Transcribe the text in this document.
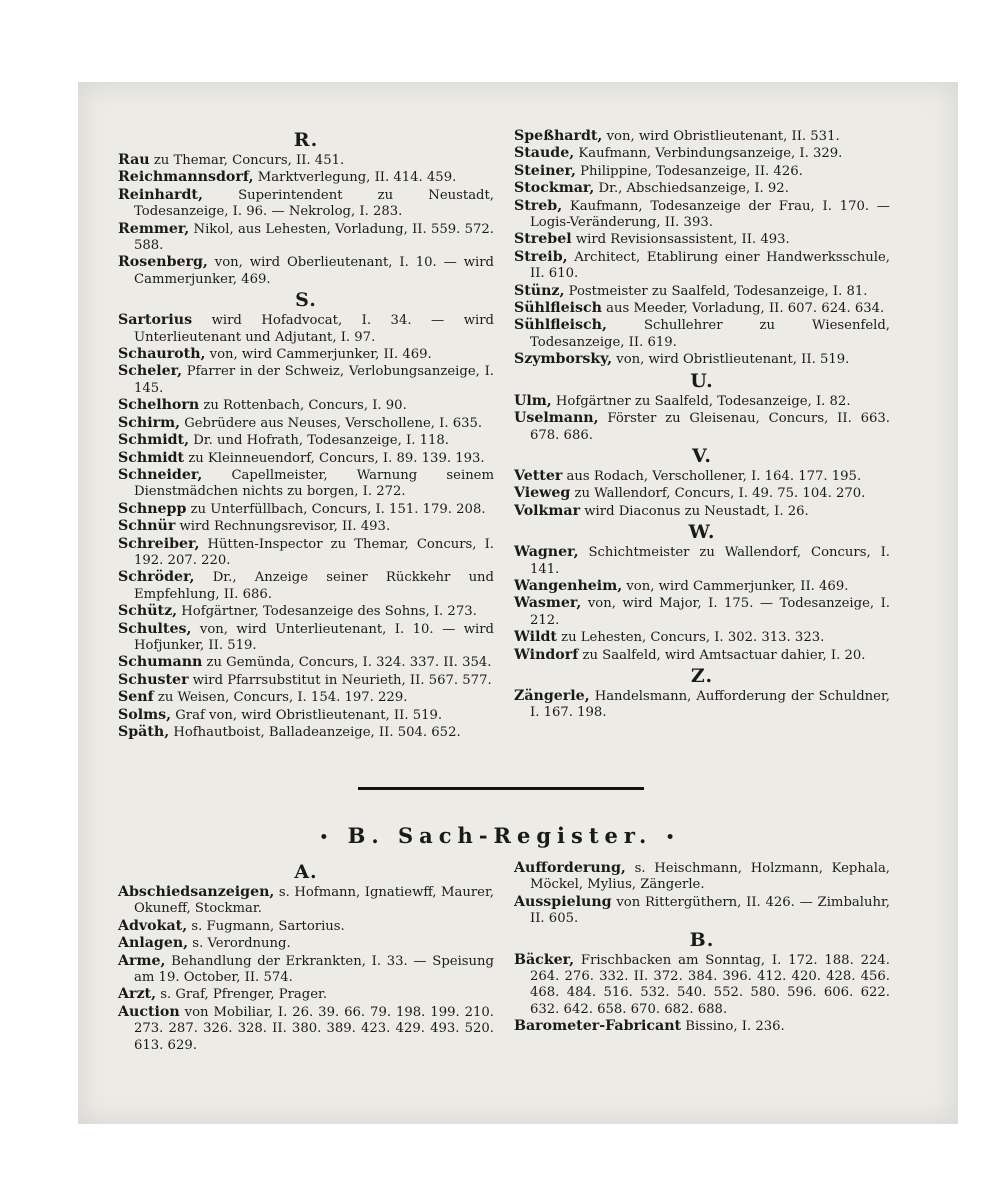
R.
Rau zu Themar, Concurs, II. 451.
Reichmannsdorf, Marktverlegung, II. 414. 459.
Reinhardt, Superintendent zu Neustadt, Todesanzeige, I. 96. — Nekrolog, I. 283.
Remmer, Nikol, aus Lehesten, Vorladung, II. 559. 572. 588.
Rosenberg, von, wird Oberlieutenant, I. 10. — wird Cammerjunker, 469.
S.
Sartorius wird Hofadvocat, I. 34. — wird Unterlieutenant und Adjutant, I. 97.
Schauroth, von, wird Cammerjunker, II. 469.
Scheler, Pfarrer in der Schweiz, Verlobungsanzeige, I. 145.
Schelhorn zu Rottenbach, Concurs, I. 90.
Schirm, Gebrüdere aus Neuses, Verschollene, I. 635.
Schmidt, Dr. und Hofrath, Todesanzeige, I. 118.
Schmidt zu Kleinneuendorf, Concurs, I. 89. 139. 193.
Schneider, Capellmeister, Warnung seinem Dienstmädchen nichts zu borgen, I. 272.
Schnepp zu Unterfüllbach, Concurs, I. 151. 179. 208.
Schnür wird Rechnungsrevisor, II. 493.
Schreiber, Hütten-Inspector zu Themar, Concurs, I. 192. 207. 220.
Schröder, Dr., Anzeige seiner Rückkehr und Empfehlung, II. 686.
Schütz, Hofgärtner, Todesanzeige des Sohns, I. 273.
Schultes, von, wird Unterlieutenant, I. 10. — wird Hofjunker, II. 519.
Schumann zu Gemünda, Concurs, I. 324. 337. II. 354.
Schuster wird Pfarrsubstitut in Neurieth, II. 567. 577.
Senf zu Weisen, Concurs, I. 154. 197. 229.
Solms, Graf von, wird Obristlieutenant, II. 519.
Späth, Hofhautboist, Balladeanzeige, II. 504. 652.
Speßhardt, von, wird Obristlieutenant, II. 531.
Staude, Kaufmann, Verbindungsanzeige, I. 329.
Steiner, Philippine, Todesanzeige, II. 426.
Stockmar, Dr., Abschiedsanzeige, I. 92.
Streb, Kaufmann, Todesanzeige der Frau, I. 170. — Logis-Veränderung, II. 393.
Strebel wird Revisionsassistent, II. 493.
Streib, Architect, Etablirung einer Handwerksschule, II. 610.
Stünz, Postmeister zu Saalfeld, Todesanzeige, I. 81.
Sühlfleisch aus Meeder, Vorladung, II. 607. 624. 634.
Sühlfleisch, Schullehrer zu Wiesenfeld, Todesanzeige, II. 619.
Szymborsky, von, wird Obristlieutenant, II. 519.
U.
Ulm, Hofgärtner zu Saalfeld, Todesanzeige, I. 82.
Uselmann, Förster zu Gleisenau, Concurs, II. 663. 678. 686.
V.
Vetter aus Rodach, Verschollener, I. 164. 177. 195.
Vieweg zu Wallendorf, Concurs, I. 49. 75. 104. 270.
Volkmar wird Diaconus zu Neustadt, I. 26.
W.
Wagner, Schichtmeister zu Wallendorf, Concurs, I. 141.
Wangenheim, von, wird Cammerjunker, II. 469.
Wasmer, von, wird Major, I. 175. — Todesanzeige, I. 212.
Wildt zu Lehesten, Concurs, I. 302. 313. 323.
Windorf zu Saalfeld, wird Amtsactuar dahier, I. 20.
Z.
Zängerle, Handelsmann, Aufforderung der Schuldner, I. 167. 198.
• B. Sach-Register. •
A.
Abschiedsanzeigen, s. Hofmann, Ignatiewff, Maurer, Okuneff, Stockmar.
Advokat, s. Fugmann, Sartorius.
Anlagen, s. Verordnung.
Arme, Behandlung der Erkrankten, I. 33. — Speisung am 19. October, II. 574.
Arzt, s. Graf, Pfrenger, Prager.
Auction von Mobiliar, I. 26. 39. 66. 79. 198. 199. 210. 273. 287. 326. 328. II. 380. 389. 423. 429. 493. 520. 613. 629.
Aufforderung, s. Heischmann, Holzmann, Kephala, Möckel, Mylius, Zängerle.
Ausspielung von Rittergüthern, II. 426. — Zimbaluhr, II. 605.
B.
Bäcker, Frischbacken am Sonntag, I. 172. 188. 224. 264. 276. 332. II. 372. 384. 396. 412. 420. 428. 456. 468. 484. 516. 532. 540. 552. 580. 596. 606. 622. 632. 642. 658. 670. 682. 688.
Barometer-Fabricant Bissino, I. 236.
